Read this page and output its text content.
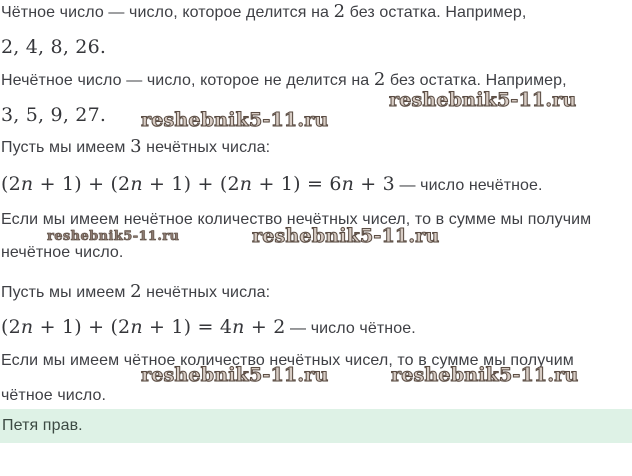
Чётное число — число, которое делится на 2 без остатка. Например,
2, 4, 8, 26.
Нечётное число — число, которое не делится на 2 без остатка. Например,
3, 5, 9, 27.
Пусть мы имеем 3 нечётных числа:
(2n + 1) + (2n + 1) + (2n + 1) = 6n + 3 — число нечётное.
Если мы имеем нечётное количество нечётных чисел, то в сумме мы получим
нечётное число.
Пусть мы имеем 2 нечётных числа:
(2n + 1) + (2n + 1) = 4n + 2 — число чётное.
Если мы имеем чётное количество нечётных чисел, то в сумме мы получим
чётное число.
reshebnik5-11.ru
reshebnik5-11.ru
reshebnik5-11.ru	reshebnik5-11.ru
reshebnik5-11.ru	reshebnik5-11.ru
Петя прав.
